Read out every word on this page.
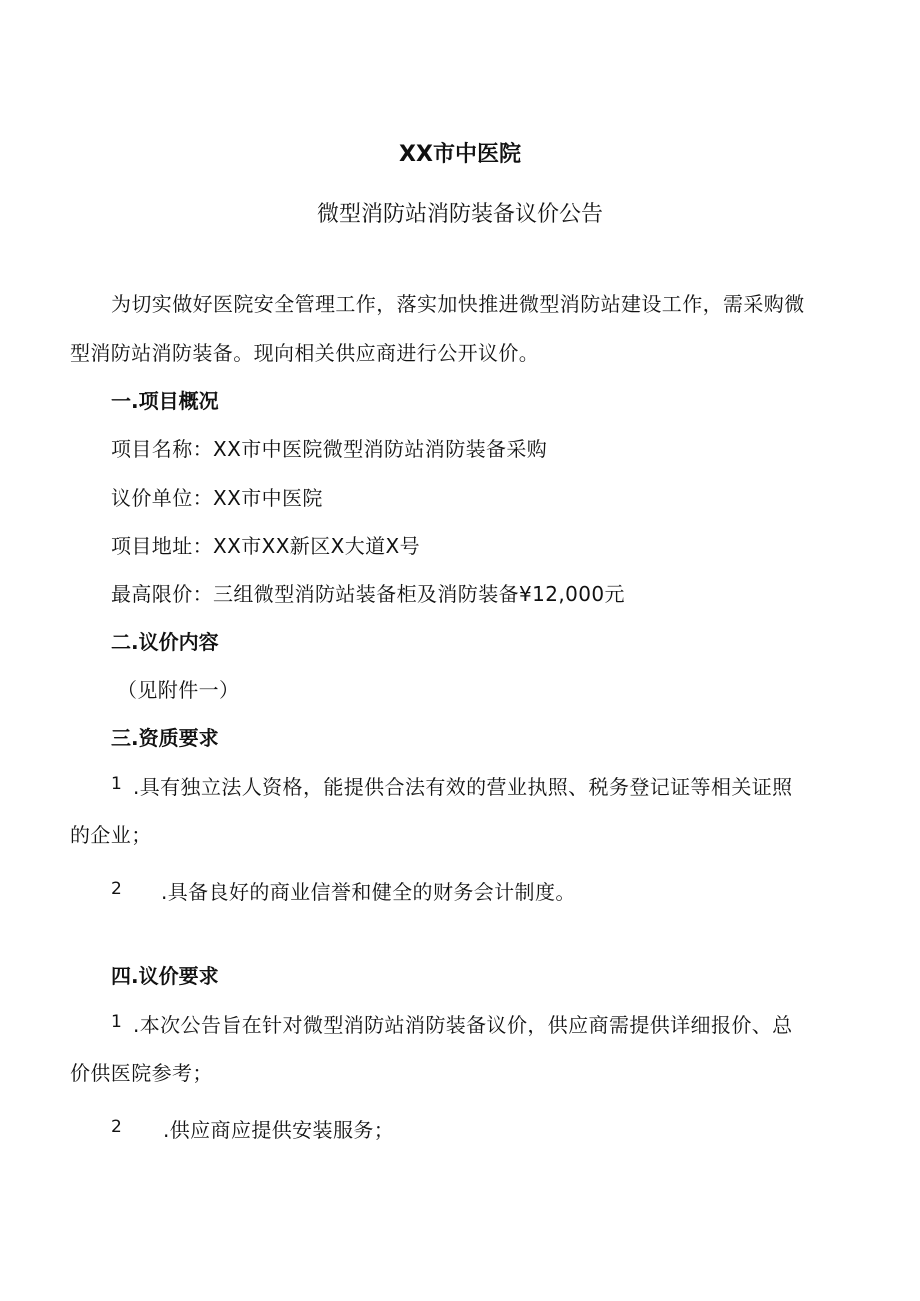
XX市中医院
微型消防站消防装备议价公告
为切实做好医院安全管理工作，落实加快推进微型消防站建设工作，需采购微
型消防站消防装备。现向相关供应商进行公开议价。
一.项目概况
项目名称：XX市中医院微型消防站消防装备采购
议价单位：XX市中医院
项目地址：XX市XX新区X大道X号
最高限价：三组微型消防站装备柜及消防装备¥12,000元
二.议价内容
（见附件一）
三.资质要求
1 .具有独立法人资格，能提供合法有效的营业执照、税务登记证等相关证照
的企业；
2 .具备良好的商业信誉和健全的财务会计制度。
四.议价要求
1 .本次公告旨在针对微型消防站消防装备议价，供应商需提供详细报价、总
价供医院参考；
2 .供应商应提供安装服务；
